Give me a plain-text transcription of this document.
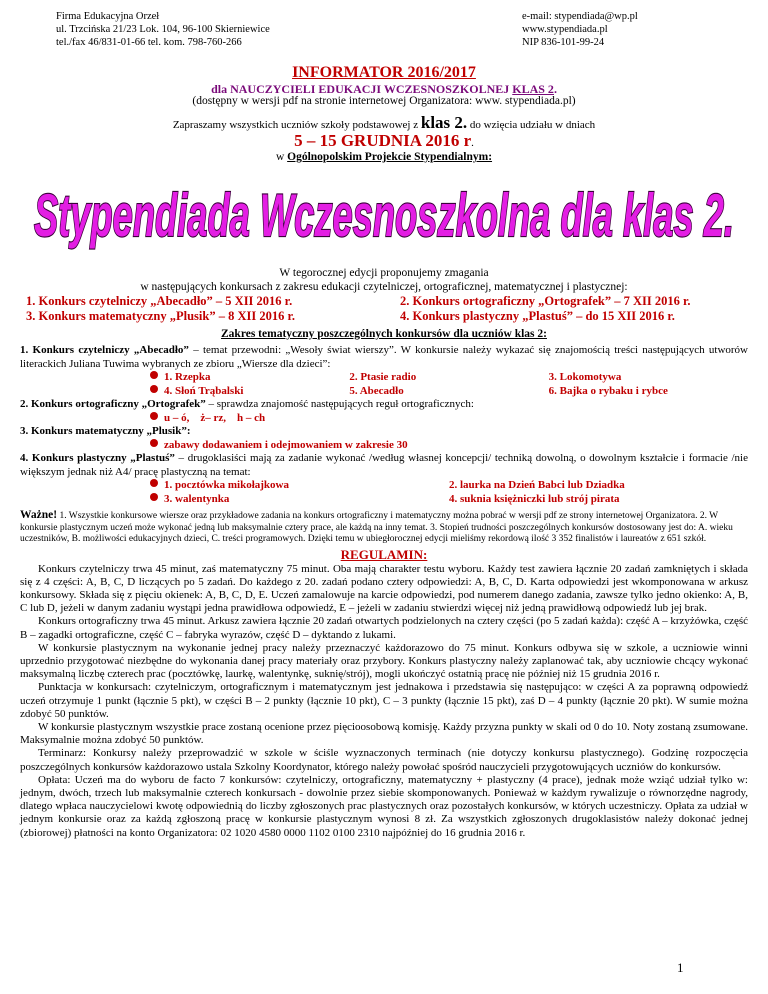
Firma Edukacyjna Orzeł
ul. Trzcińska 21/23 Lok. 104, 96-100 Skierniewice
tel./fax 46/831-01-66 tel. kom. 798-760-266
e-mail: stypendiada@wp.pl
www.stypendiada.pl
NIP 836-101-99-24
INFORMATOR 2016/2017
dla NAUCZYCIELI EDUKACJI WCZESNOSZKOLNEJ KLAS 2.
(dostępny w wersji pdf na stronie internetowej Organizatora: www. stypendiada.pl)
Zapraszamy wszystkich uczniów szkoły podstawowej z klas 2. do wzięcia udziału w dniach
5 – 15 GRUDNIA 2016 r.
w Ogólnopolskim Projekcie Stypendialnym:
Stypendiada Wczesnoszkolna dla klas 2.
W tegorocznej edycji proponujemy zmagania
w następujących konkursach z zakresu edukacji czytelniczej, ortograficznej, matematycznej i plastycznej:
1. Konkurs czytelniczy „Abecadło” – 5 XII 2016 r.	2. Konkurs ortograficzny „Ortografek” – 7 XII 2016 r.
3. Konkurs matematyczny „Plusik” – 8 XII 2016 r.	4. Konkurs plastyczny „Plastuś” – do 15 XII 2016 r.
Zakres tematyczny poszczególnych konkursów dla uczniów klas 2:

1. Konkurs czytelniczy „Abecadło” – temat przewodni: „Wesoły świat wierszy”. W konkursie należy wykazać się znajomością treści następujących utworów literackich Juliana Tuwima wybranych ze zbioru „Wiersze dla dzieci”:

1. Rzepka	2. Ptasie radio	3. Lokomotywa
4. Słoń Trąbalski	5. Abecadło	6. Bajka o rybaku i rybce

2. Konkurs ortograficzny „Ortografek” – sprawdza znajomość następujących reguł ortograficznych:

u – ó, ż– rz, h – ch

3. Konkurs matematyczny „Plusik”:

zabawy dodawaniem i odejmowaniem w zakresie 30

4. Konkurs plastyczny „Plastuś” – drugoklasiści mają za zadanie wykonać /według własnej koncepcji/ techniką dowolną, o dowolnym kształcie i formacie /nie większym jednak niż A4/ pracę plastyczną na temat:

1. pocztówka mikołajkowa	2. laurka na Dzień Babci lub Dziadka
3. walentynka	4. suknia księżniczki lub strój pirata
Ważne! 1. Wszystkie konkursowe wiersze oraz przykładowe zadania na konkurs ortograficzny i matematyczny można pobrać w wersji pdf ze strony internetowej Organizatora. 2. W konkursie plastycznym uczeń może wykonać jedną lub maksymalnie cztery prace, ale każdą na inny temat. 3. Stopień trudności poszczególnych konkursów dostosowany jest do: A. wieku uczestników, B. możliwości edukacyjnych dzieci, C. treści programowych. Dzięki temu w ubiegłorocznej edycji mieliśmy rekordową ilość 3 352 finalistów i laureatów z 651 szkół.
REGULAMIN:

Konkurs czytelniczy trwa 45 minut, zaś matematyczny 75 minut. Oba mają charakter testu wyboru. Każdy test zawiera łącznie 20 zadań zamkniętych i składa się z 4 części: A, B, C, D liczących po 5 zadań. Do każdego z 20. zadań podano cztery odpowiedzi: A, B, C, D. Karta odpowiedzi jest wkomponowana w arkusz konkursowy. Składa się z pięciu okienek: A, B, C, D, E. Uczeń zamalowuje na karcie odpowiedzi, pod numerem danego zadania, zawsze tylko jedno okienko: A, B, C lub D, jeżeli w danym zadaniu wystąpi jedna prawidłowa odpowiedź, E – jeżeli w zadaniu stwierdzi więcej niż jedną prawidłową odpowiedź lub jej brak.

Konkurs ortograficzny trwa 45 minut. Arkusz zawiera łącznie 20 zadań otwartych podzielonych na cztery części (po 5 zadań każda): część A – krzyżówka, część B – zagadki ortograficzne, część C – fabryka wyrazów, część D – dyktando z lukami.

W konkursie plastycznym na wykonanie jednej pracy należy przeznaczyć każdorazowo do 75 minut. Konkurs odbywa się w szkole, a uczniowie winni uprzednio przygotować niezbędne do wykonania danej pracy materiały oraz przybory. Konkurs plastyczny należy zaplanować tak, aby uczniowie chcący wykonać maksymalną liczbę czterech prac (pocztówkę, laurkę, walentynkę, suknię/strój), mogli ukończyć ostatnią pracę nie później niż 15 grudnia 2016 r.

Punktacja w konkursach: czytelniczym, ortograficznym i matematycznym jest jednakowa i przedstawia się następująco: w części A za poprawną odpowiedź uczeń otrzymuje 1 punkt (łącznie 5 pkt), w części B – 2 punkty (łącznie 10 pkt), C – 3 punkty (łącznie 15 pkt), zaś D – 4 punkty (łącznie 20 pkt). W sumie można zdobyć 50 punktów.

W konkursie plastycznym wszystkie prace zostaną ocenione przez pięcioosobową komisję. Każdy przyzna punkty w skali od 0 do 10. Noty zostaną zsumowane. Maksymalnie można zdobyć 50 punktów.

Terminarz: Konkursy należy przeprowadzić w szkole w ściśle wyznaczonych terminach (nie dotyczy konkursu plastycznego). Godzinę rozpoczęcia poszczególnych konkursów każdorazowo ustala Szkolny Koordynator, którego należy powołać spośród nauczycieli przygotowujących uczniów do konkursów.

Opłata: Uczeń ma do wyboru de facto 7 konkursów: czytelniczy, ortograficzny, matematyczny + plastyczny (4 prace), jednak może wziąć udział tylko w: jednym, dwóch, trzech lub maksymalnie czterech konkursach - dowolnie przez siebie skomponowanych. Ponieważ w każdym rywalizuje o równorzędne nagrody, dlatego wpłaca nauczycielowi kwotę odpowiednią do liczby zgłoszonych prac plastycznych oraz pozostałych konkursów, w których uczestniczy. Opłata za udział w jednym konkursie oraz za każdą zgłoszoną pracę w konkursie plastycznym wynosi 8 zł. Za wszystkich zgłoszonych drugoklasistów należy dokonać jednej (zbiorowej) płatności na konto Organizatora: 02 1020 4580 0000 1102 0100 2310 najpóźniej do 16 grudnia 2016 r.

1
